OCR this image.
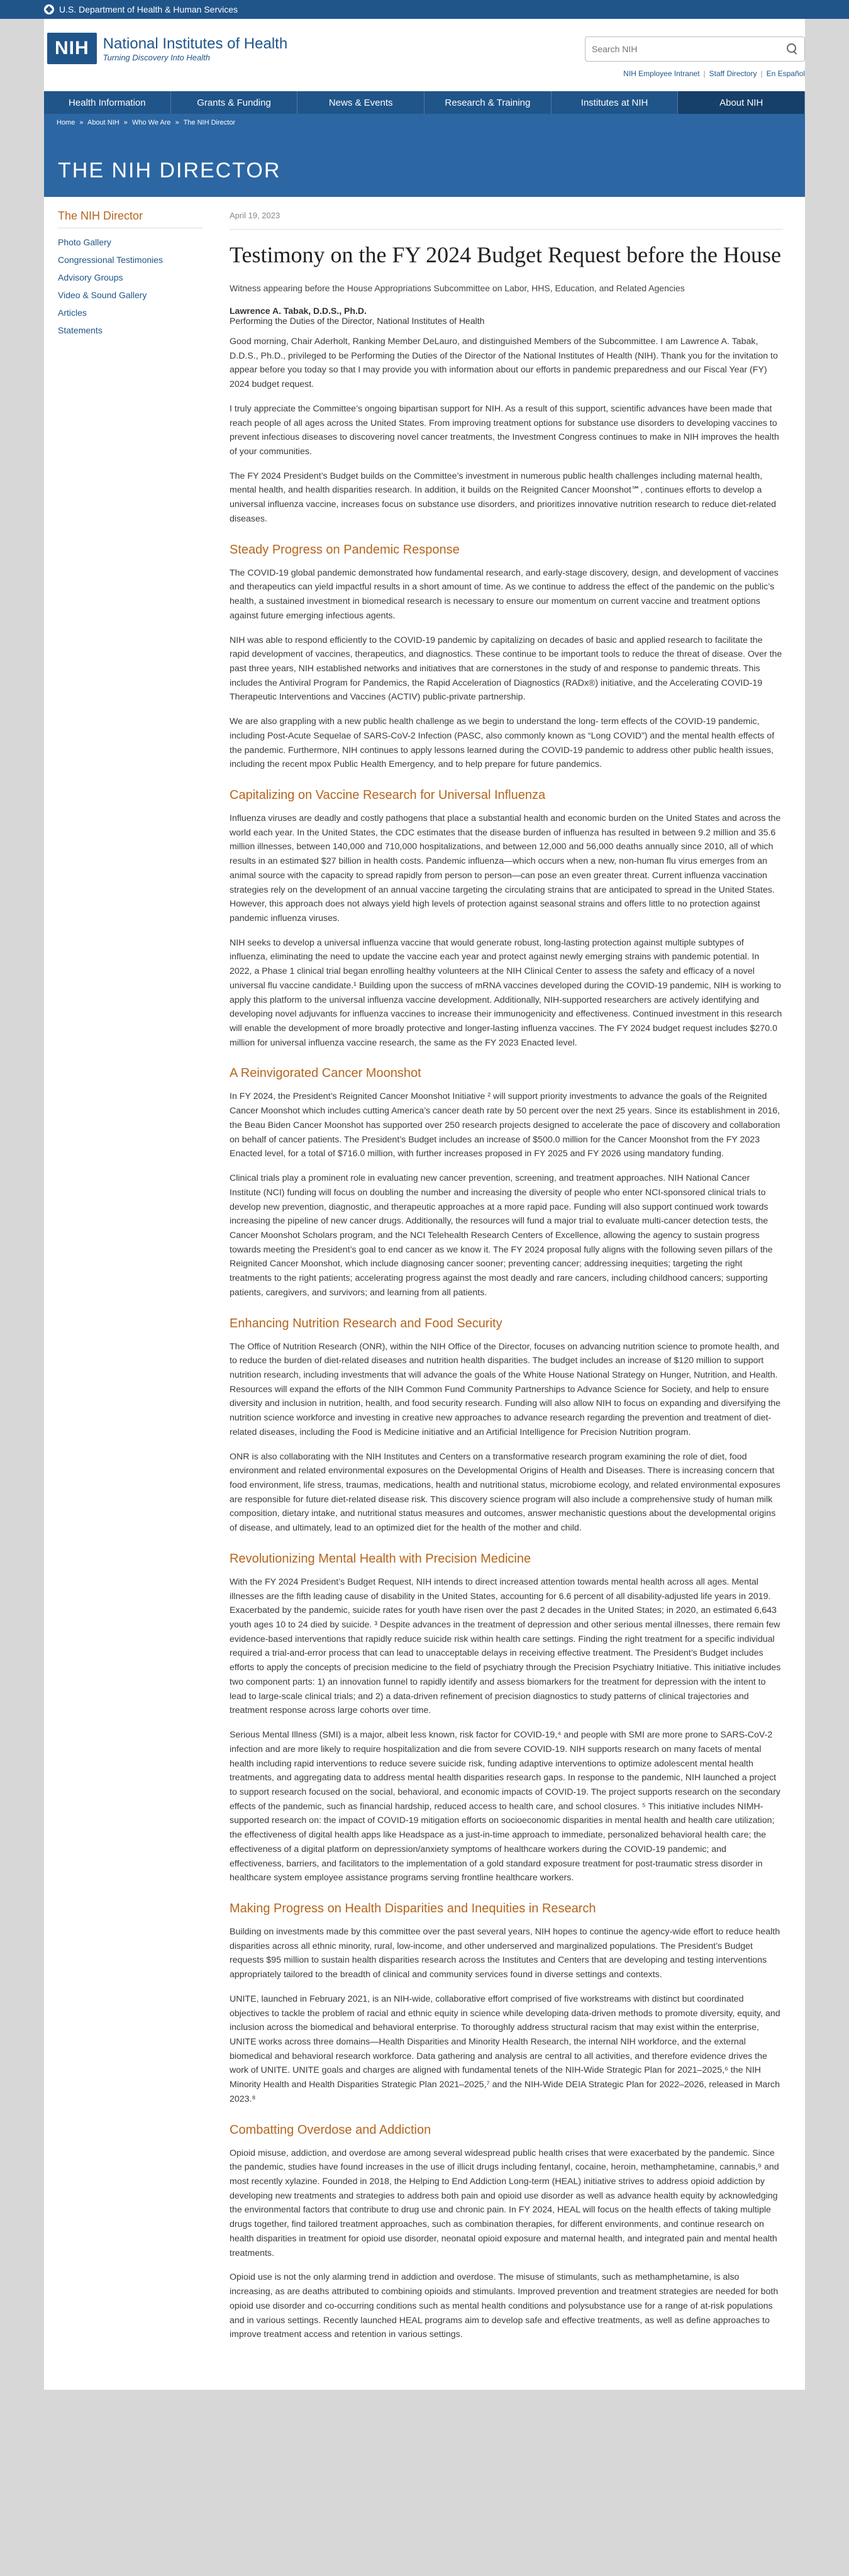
U.S. Department of Health & Human Services
NIH National Institutes of Health
Turning Discovery Into Health
Search NIH
NIH Employee Intranet | Staff Directory | En Español
Health Information	Grants & Funding	News & Events	Research & Training	Institutes at NIH	About NIH
Home » About NIH » Who We Are » The NIH Director
THE NIH DIRECTOR
The NIH Director
Photo Gallery
Congressional Testimonies
Advisory Groups
Video & Sound Gallery
Articles
Statements
April 19, 2023
Testimony on the FY 2024 Budget Request before the House
Witness appearing before the House Appropriations Subcommittee on Labor, HHS, Education, and Related Agencies
Lawrence A. Tabak, D.D.S., Ph.D.
Performing the Duties of the Director, National Institutes of Health

Good morning, Chair Aderholt, Ranking Member DeLauro, and distinguished Members of the Subcommittee. I am Lawrence A. Tabak, D.D.S., Ph.D., privileged to be Performing the Duties of the Director of the National Institutes of Health (NIH). Thank you for the invitation to appear before you today so that I may provide you with information about our efforts in pandemic preparedness and our Fiscal Year (FY) 2024 budget request.

I truly appreciate the Committee’s ongoing bipartisan support for NIH. As a result of this support, scientific advances have been made that reach people of all ages across the United States. From improving treatment options for substance use disorders to developing vaccines to prevent infectious diseases to discovering novel cancer treatments, the Investment Congress continues to make in NIH improves the health of your communities.

The FY 2024 President’s Budget builds on the Committee’s investment in numerous public health challenges including maternal health, mental health, and health disparities research. In addition, it builds on the Reignited Cancer Moonshot℠, continues efforts to develop a universal influenza vaccine, increases focus on substance use disorders, and prioritizes innovative nutrition research to reduce diet-related diseases.

Steady Progress on Pandemic Response

The COVID-19 global pandemic demonstrated how fundamental research, and early-stage discovery, design, and development of vaccines and therapeutics can yield impactful results in a short amount of time. As we continue to address the effect of the pandemic on the public’s health, a sustained investment in biomedical research is necessary to ensure our momentum on current vaccine and treatment options against future emerging infectious agents.

NIH was able to respond efficiently to the COVID-19 pandemic by capitalizing on decades of basic and applied research to facilitate the rapid development of vaccines, therapeutics, and diagnostics. These continue to be important tools to reduce the threat of disease. Over the past three years, NIH established networks and initiatives that are cornerstones in the study of and response to pandemic threats. This includes the Antiviral Program for Pandemics, the Rapid Acceleration of Diagnostics (RADx®) initiative, and the Accelerating COVID-19 Therapeutic Interventions and Vaccines (ACTIV) public-private partnership.

We are also grappling with a new public health challenge as we begin to understand the long- term effects of the COVID-19 pandemic, including Post-Acute Sequelae of SARS-CoV-2 Infection (PASC, also commonly known as “Long COVID”) and the mental health effects of the pandemic. Furthermore, NIH continues to apply lessons learned during the COVID-19 pandemic to address other public health issues, including the recent mpox Public Health Emergency, and to help prepare for future pandemics.

Capitalizing on Vaccine Research for Universal Influenza

Influenza viruses are deadly and costly pathogens that place a substantial health and economic burden on the United States and across the world each year. In the United States, the CDC estimates that the disease burden of influenza has resulted in between 9.2 million and 35.6 million illnesses, between 140,000 and 710,000 hospitalizations, and between 12,000 and 56,000 deaths annually since 2010, all of which results in an estimated $27 billion in health costs. Pandemic influenza—which occurs when a new, non-human flu virus emerges from an animal source with the capacity to spread rapidly from person to person—can pose an even greater threat. Current influenza vaccination strategies rely on the development of an annual vaccine targeting the circulating strains that are anticipated to spread in the United States. However, this approach does not always yield high levels of protection against seasonal strains and offers little to no protection against pandemic influenza viruses.

NIH seeks to develop a universal influenza vaccine that would generate robust, long-lasting protection against multiple subtypes of influenza, eliminating the need to update the vaccine each year and protect against newly emerging strains with pandemic potential. In 2022, a Phase 1 clinical trial began enrolling healthy volunteers at the NIH Clinical Center to assess the safety and efficacy of a novel universal flu vaccine candidate.¹ Building upon the success of mRNA vaccines developed during the COVID-19 pandemic, NIH is working to apply this platform to the universal influenza vaccine development. Additionally, NIH-supported researchers are actively identifying and developing novel adjuvants for influenza vaccines to increase their immunogenicity and effectiveness. Continued investment in this research will enable the development of more broadly protective and longer-lasting influenza vaccines. The FY 2024 budget request includes $270.0 million for universal influenza vaccine research, the same as the FY 2023 Enacted level.

A Reinvigorated Cancer Moonshot

In FY 2024, the President’s Reignited Cancer Moonshot Initiative ² will support priority investments to advance the goals of the Reignited Cancer Moonshot which includes cutting America’s cancer death rate by 50 percent over the next 25 years. Since its establishment in 2016, the Beau Biden Cancer Moonshot has supported over 250 research projects designed to accelerate the pace of discovery and collaboration on behalf of cancer patients. The President’s Budget includes an increase of $500.0 million for the Cancer Moonshot from the FY 2023 Enacted level, for a total of $716.0 million, with further increases proposed in FY 2025 and FY 2026 using mandatory funding.

Clinical trials play a prominent role in evaluating new cancer prevention, screening, and treatment approaches. NIH National Cancer Institute (NCI) funding will focus on doubling the number and increasing the diversity of people who enter NCI-sponsored clinical trials to develop new prevention, diagnostic, and therapeutic approaches at a more rapid pace. Funding will also support continued work towards increasing the pipeline of new cancer drugs. Additionally, the resources will fund a major trial to evaluate multi-cancer detection tests, the Cancer Moonshot Scholars program, and the NCI Telehealth Research Centers of Excellence, allowing the agency to sustain progress towards meeting the President’s goal to end cancer as we know it. The FY 2024 proposal fully aligns with the following seven pillars of the Reignited Cancer Moonshot, which include diagnosing cancer sooner; preventing cancer; addressing inequities; targeting the right treatments to the right patients; accelerating progress against the most deadly and rare cancers, including childhood cancers; supporting patients, caregivers, and survivors; and learning from all patients.

Enhancing Nutrition Research and Food Security

The Office of Nutrition Research (ONR), within the NIH Office of the Director, focuses on advancing nutrition science to promote health, and to reduce the burden of diet-related diseases and nutrition health disparities. The budget includes an increase of $120 million to support nutrition research, including investments that will advance the goals of the White House National Strategy on Hunger, Nutrition, and Health. Resources will expand the efforts of the NIH Common Fund Community Partnerships to Advance Science for Society, and help to ensure diversity and inclusion in nutrition, health, and food security research. Funding will also allow NIH to focus on expanding and diversifying the nutrition science workforce and investing in creative new approaches to advance research regarding the prevention and treatment of diet-related diseases, including the Food is Medicine initiative and an Artificial Intelligence for Precision Nutrition program.

ONR is also collaborating with the NIH Institutes and Centers on a transformative research program examining the role of diet, food environment and related environmental exposures on the Developmental Origins of Health and Diseases. There is increasing concern that food environment, life stress, traumas, medications, health and nutritional status, microbiome ecology, and related environmental exposures are responsible for future diet-related disease risk. This discovery science program will also include a comprehensive study of human milk composition, dietary intake, and nutritional status measures and outcomes, answer mechanistic questions about the developmental origins of disease, and ultimately, lead to an optimized diet for the health of the mother and child.

Revolutionizing Mental Health with Precision Medicine

With the FY 2024 President’s Budget Request, NIH intends to direct increased attention towards mental health across all ages. Mental illnesses are the fifth leading cause of disability in the United States, accounting for 6.6 percent of all disability-adjusted life years in 2019. Exacerbated by the pandemic, suicide rates for youth have risen over the past 2 decades in the United States; in 2020, an estimated 6,643 youth ages 10 to 24 died by suicide. ³ Despite advances in the treatment of depression and other serious mental illnesses, there remain few evidence-based interventions that rapidly reduce suicide risk within health care settings. Finding the right treatment for a specific individual required a trial-and-error process that can lead to unacceptable delays in receiving effective treatment. The President’s Budget includes efforts to apply the concepts of precision medicine to the field of psychiatry through the Precision Psychiatry Initiative. This initiative includes two component parts: 1) an innovation funnel to rapidly identify and assess biomarkers for the treatment for depression with the intent to lead to large-scale clinical trials; and 2) a data-driven refinement of precision diagnostics to study patterns of clinical trajectories and treatment response across large cohorts over time.

Serious Mental Illness (SMI) is a major, albeit less known, risk factor for COVID-19,⁴ and people with SMI are more prone to SARS-CoV-2 infection and are more likely to require hospitalization and die from severe COVID-19. NIH supports research on many facets of mental health including rapid interventions to reduce severe suicide risk, funding adaptive interventions to optimize adolescent mental health treatments, and aggregating data to address mental health disparities research gaps. In response to the pandemic, NIH launched a project to support research focused on the social, behavioral, and economic impacts of COVID-19. The project supports research on the secondary effects of the pandemic, such as financial hardship, reduced access to health care, and school closures. ⁵ This initiative includes NIMH-supported research on: the impact of COVID-19 mitigation efforts on socioeconomic disparities in mental health and health care utilization; the effectiveness of digital health apps like Headspace as a just-in-time approach to immediate, personalized behavioral health care; the effectiveness of a digital platform on depression/anxiety symptoms of healthcare workers during the COVID-19 pandemic; and effectiveness, barriers, and facilitators to the implementation of a gold standard exposure treatment for post-traumatic stress disorder in healthcare system employee assistance programs serving frontline healthcare workers.

Making Progress on Health Disparities and Inequities in Research

Building on investments made by this committee over the past several years, NIH hopes to continue the agency-wide effort to reduce health disparities across all ethnic minority, rural, low-income, and other underserved and marginalized populations. The President’s Budget requests $95 million to sustain health disparities research across the Institutes and Centers that are developing and testing interventions appropriately tailored to the breadth of clinical and community services found in diverse settings and contexts.

UNITE, launched in February 2021, is an NIH-wide, collaborative effort comprised of five workstreams with distinct but coordinated objectives to tackle the problem of racial and ethnic equity in science while developing data-driven methods to promote diversity, equity, and inclusion across the biomedical and behavioral enterprise. To thoroughly address structural racism that may exist within the enterprise, UNITE works across three domains—Health Disparities and Minority Health Research, the internal NIH workforce, and the external biomedical and behavioral research workforce. Data gathering and analysis are central to all activities, and therefore evidence drives the work of UNITE. UNITE goals and charges are aligned with fundamental tenets of the NIH-Wide Strategic Plan for 2021–2025,⁶ the NIH Minority Health and Health Disparities Strategic Plan 2021–2025,⁷ and the NIH-Wide DEIA Strategic Plan for 2022–2026, released in March 2023.⁸

Combatting Overdose and Addiction

Opioid misuse, addiction, and overdose are among several widespread public health crises that were exacerbated by the pandemic. Since the pandemic, studies have found increases in the use of illicit drugs including fentanyl, cocaine, heroin, methamphetamine, cannabis,⁹ and most recently xylazine. Founded in 2018, the Helping to End Addiction Long-term (HEAL) initiative strives to address opioid addiction by developing new treatments and strategies to address both pain and opioid use disorder as well as advance health equity by acknowledging the environmental factors that contribute to drug use and chronic pain. In FY 2024, HEAL will focus on the health effects of taking multiple drugs together, find tailored treatment approaches, such as combination therapies, for different environments, and continue research on health disparities in treatment for opioid use disorder, neonatal opioid exposure and maternal health, and integrated pain and mental health treatments.

Opioid use is not the only alarming trend in addiction and overdose. The misuse of stimulants, such as methamphetamine, is also increasing, as are deaths attributed to combining opioids and stimulants. Improved prevention and treatment strategies are needed for both opioid use disorder and co-occurring conditions such as mental health conditions and polysubstance use for a range of at-risk populations and in various settings. Recently launched HEAL programs aim to develop safe and effective treatments, as well as define approaches to improve treatment access and retention in various settings.
